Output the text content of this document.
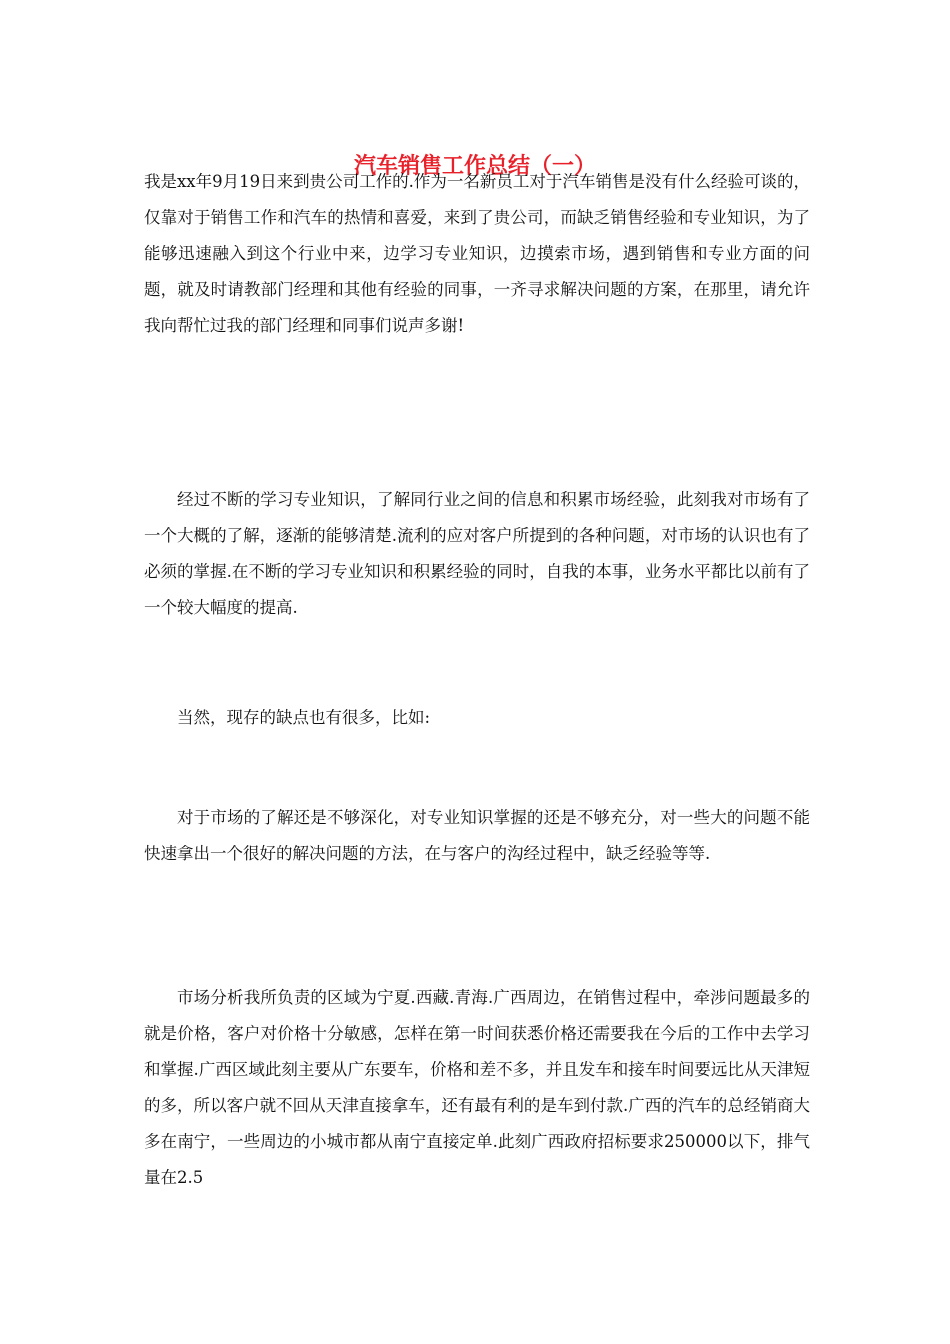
汽车销售工作总结（一）

我是xx年9月19日来到贵公司工作的.作为一名新员工对于汽车销售是没有什么经验可谈的，仅靠对于销售工作和汽车的热情和喜爱，来到了贵公司，而缺乏销售经验和专业知识，为了能够迅速融入到这个行业中来，边学习专业知识，边摸索市场，遇到销售和专业方面的问题，就及时请教部门经理和其他有经验的同事，一齐寻求解决问题的方案，在那里，请允许我向帮忙过我的部门经理和同事们说声多谢!

经过不断的学习专业知识，了解同行业之间的信息和积累市场经验，此刻我对市场有了一个大概的了解，逐渐的能够清楚.流利的应对客户所提到的各种问题，对市场的认识也有了必须的掌握.在不断的学习专业知识和积累经验的同时，自我的本事，业务水平都比以前有了一个较大幅度的提高.

当然，现存的缺点也有很多，比如:

对于市场的了解还是不够深化，对专业知识掌握的还是不够充分，对一些大的问题不能快速拿出一个很好的解决问题的方法，在与客户的沟经过程中，缺乏经验等等.

市场分析我所负责的区域为宁夏.西藏.青海.广西周边，在销售过程中，牵涉问题最多的就是价格，客户对价格十分敏感，怎样在第一时间获悉价格还需要我在今后的工作中去学习和掌握.广西区域此刻主要从广东要车，价格和差不多，并且发车和接车时间要远比从天津短的多，所以客户就不回从天津直接拿车，还有最有利的是车到付款.广西的汽车的总经销商大多在南宁，一些周边的小城市都从南宁直接定单.此刻广西政府招标要求250000以下，排气量在2.5
